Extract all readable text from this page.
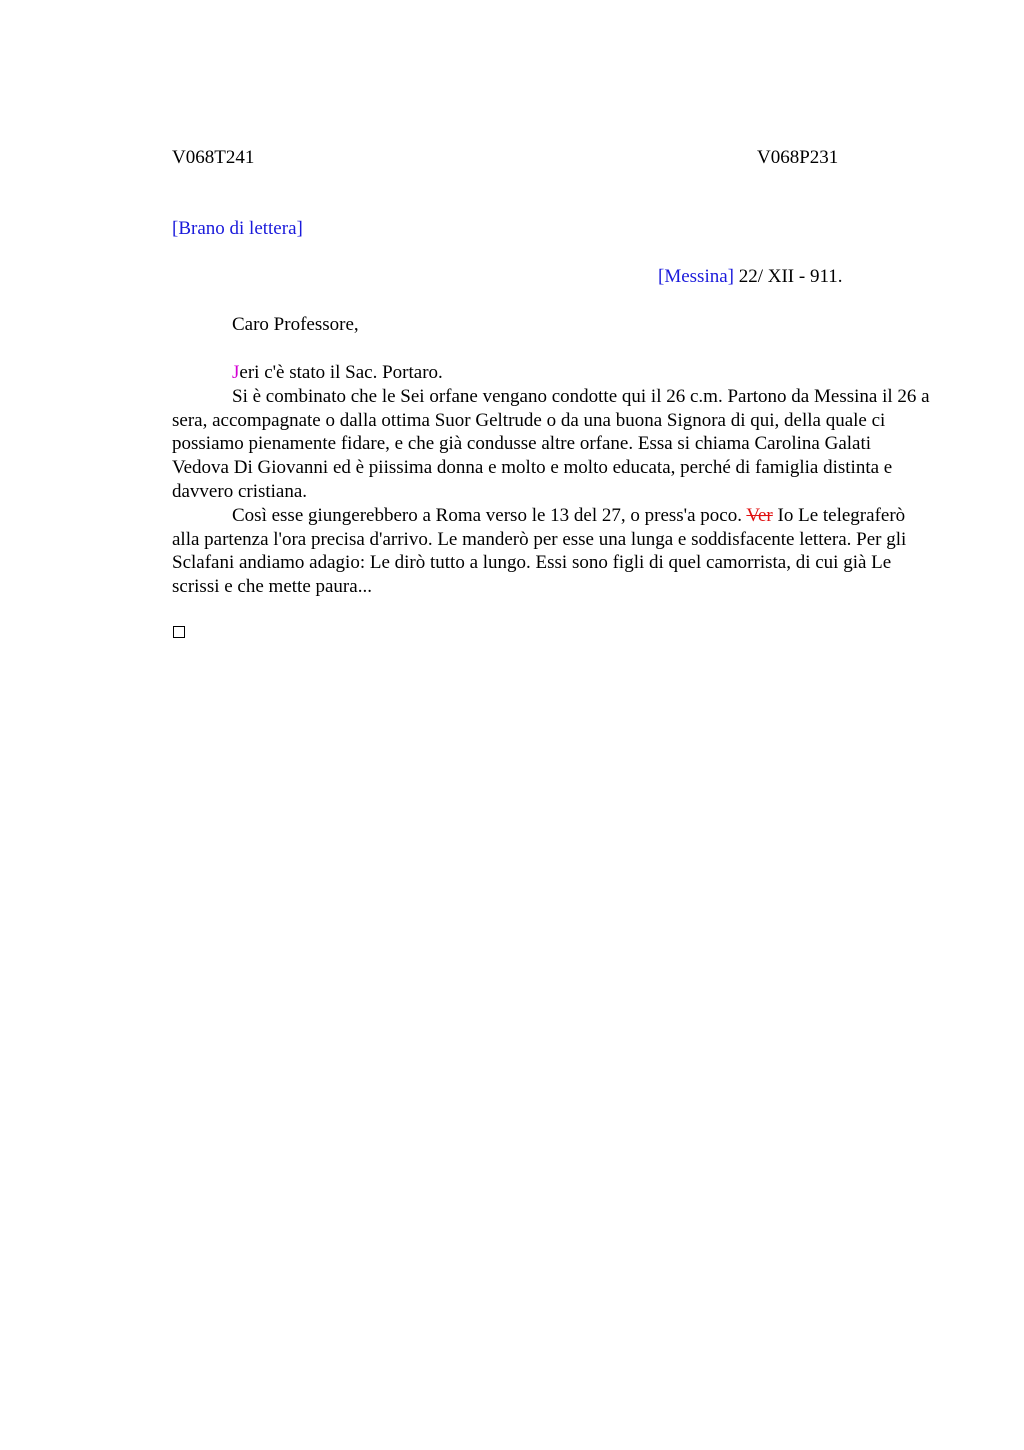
V068T241	V068P231
[Brano di lettera]
[Messina] 22/ XII - 911.
Caro Professore,

Jeri c'è stato il Sac. Portaro.

Si è combinato che le Sei orfane vengano condotte qui il 26 c.m. Partono da Messina il 26 a sera, accompagnate o dalla ottima Suor Geltrude o da una buona Signora di qui, della quale ci possiamo pienamente fidare, e che già condusse altre orfane. Essa si chiama Carolina Galati Vedova Di Giovanni ed è piissima donna e molto e molto educata, perché di famiglia distinta e davvero cristiana.

Così esse giungerebbero a Roma verso le 13 del 27, o press'a poco. Ver Io Le telegraferò alla partenza l'ora precisa d'arrivo. Le manderò per esse una lunga e soddisfacente lettera. Per gli Sclafani andiamo adagio: Le dirò tutto a lungo. Essi sono figli di quel camorrista, di cui già Le scrissi e che mette paura...
